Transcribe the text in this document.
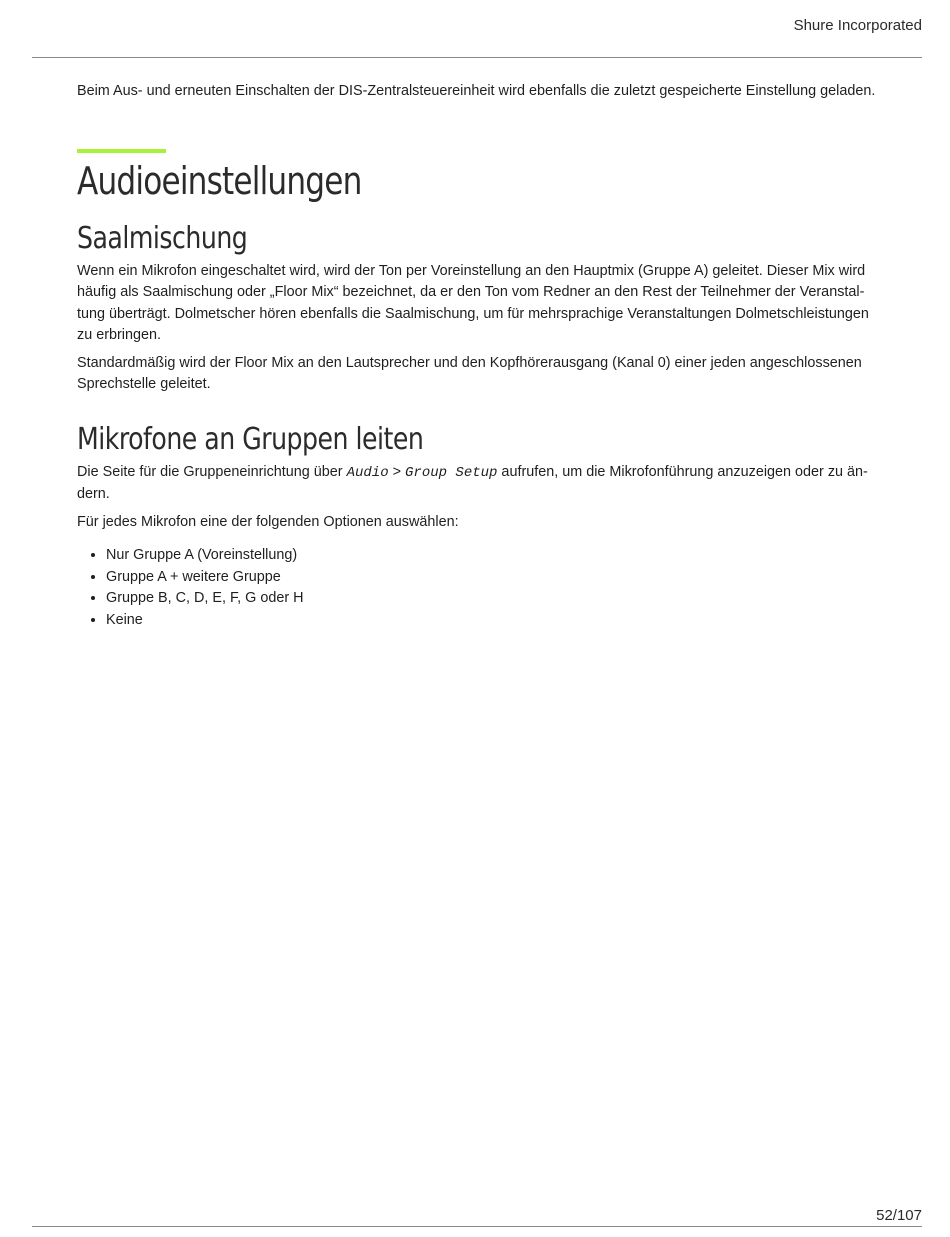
Shure Incorporated

Beim Aus- und erneuten Einschalten der DIS-Zentralsteuereinheit wird ebenfalls die zuletzt gespeicherte Einstellung geladen.

Audioeinstellungen
Saalmischung

Wenn ein Mikrofon eingeschaltet wird, wird der Ton per Voreinstellung an den Hauptmix (Gruppe A) geleitet. Dieser Mix wird häufig als Saalmischung oder „Floor Mix“ bezeichnet, da er den Ton vom Redner an den Rest der Teilnehmer der Veranstal-tung überträgt. Dolmetscher hören ebenfalls die Saalmischung, um für mehrsprachige Veranstaltungen Dolmetschleistungen zu erbringen.

Standardmäßig wird der Floor Mix an den Lautsprecher und den Kopfhörerausgang (Kanal 0) einer jeden angeschlossenen Sprechstelle geleitet.

Mikrofone an Gruppen leiten

Die Seite für die Gruppeneinrichtung über Audio > Group Setup aufrufen, um die Mikrofonführung anzuzeigen oder zu än-dern.

Für jedes Mikrofon eine der folgenden Optionen auswählen:

• Nur Gruppe A (Voreinstellung)
• Gruppe A + weitere Gruppe
• Gruppe B, C, D, E, F, G oder H
• Keine
52/107
